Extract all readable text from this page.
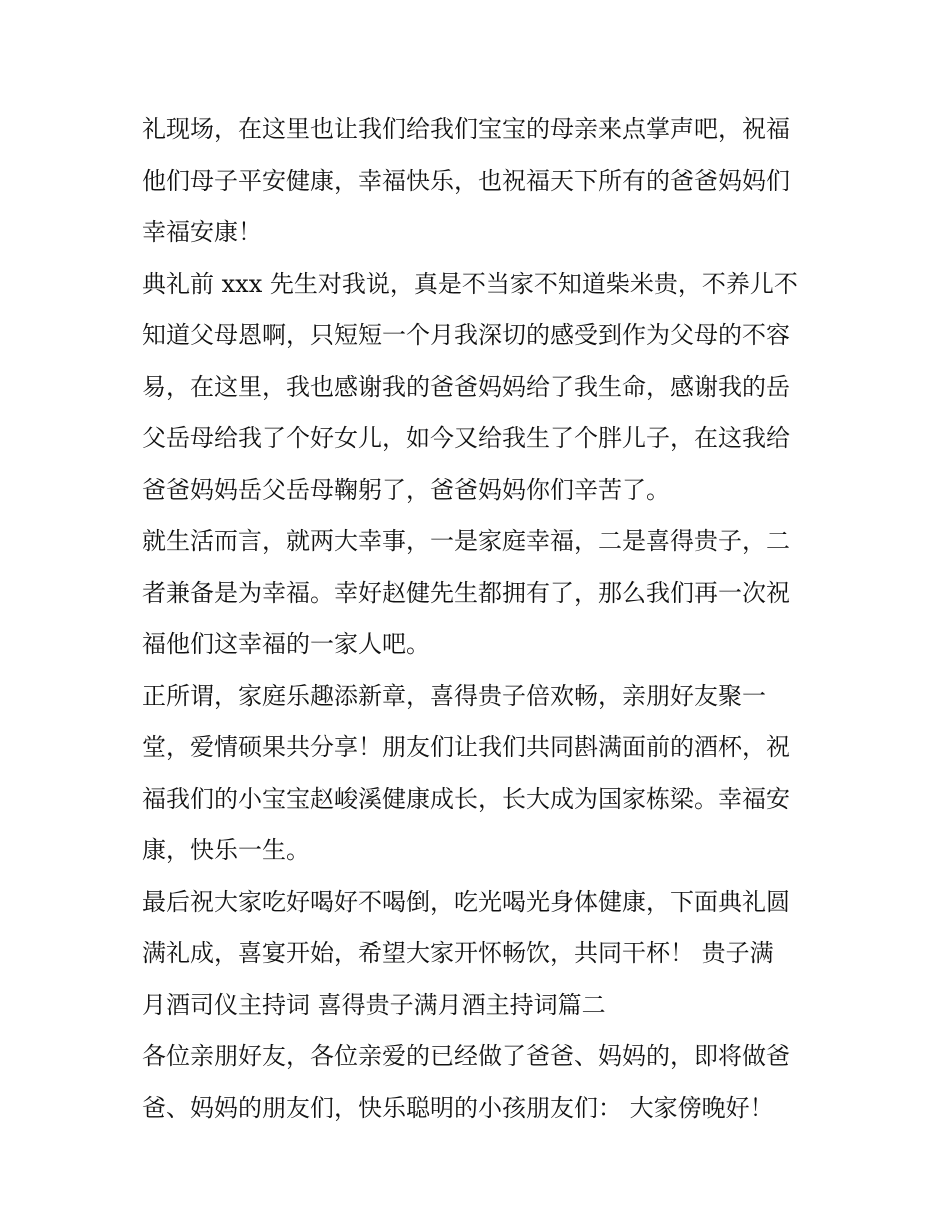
礼现场，在这里也让我们给我们宝宝的母亲来点掌声吧，祝福
他们母子平安健康，幸福快乐，也祝福天下所有的爸爸妈妈们
幸福安康！
典礼前 xxx 先生对我说，真是不当家不知道柴米贵，不养儿不
知道父母恩啊，只短短一个月我深切的感受到作为父母的不容
易，在这里，我也感谢我的爸爸妈妈给了我生命，感谢我的岳
父岳母给我了个好女儿，如今又给我生了个胖儿子，在这我给
爸爸妈妈岳父岳母鞠躬了，爸爸妈妈你们辛苦了。
就生活而言，就两大幸事，一是家庭幸福，二是喜得贵子，二
者兼备是为幸福。幸好赵健先生都拥有了，那么我们再一次祝
福他们这幸福的一家人吧。
正所谓，家庭乐趣添新章，喜得贵子倍欢畅，亲朋好友聚一
堂，爱情硕果共分享！朋友们让我们共同斟满面前的酒杯，祝
福我们的小宝宝赵峻溪健康成长，长大成为国家栋梁。幸福安
康，快乐一生。
最后祝大家吃好喝好不喝倒，吃光喝光身体健康，下面典礼圆
满礼成，喜宴开始，希望大家开怀畅饮，共同干杯！ 贵子满
月酒司仪主持词 喜得贵子满月酒主持词篇二
各位亲朋好友，各位亲爱的已经做了爸爸、妈妈的，即将做爸
爸、妈妈的朋友们，快乐聪明的小孩朋友们： 大家傍晚好！
